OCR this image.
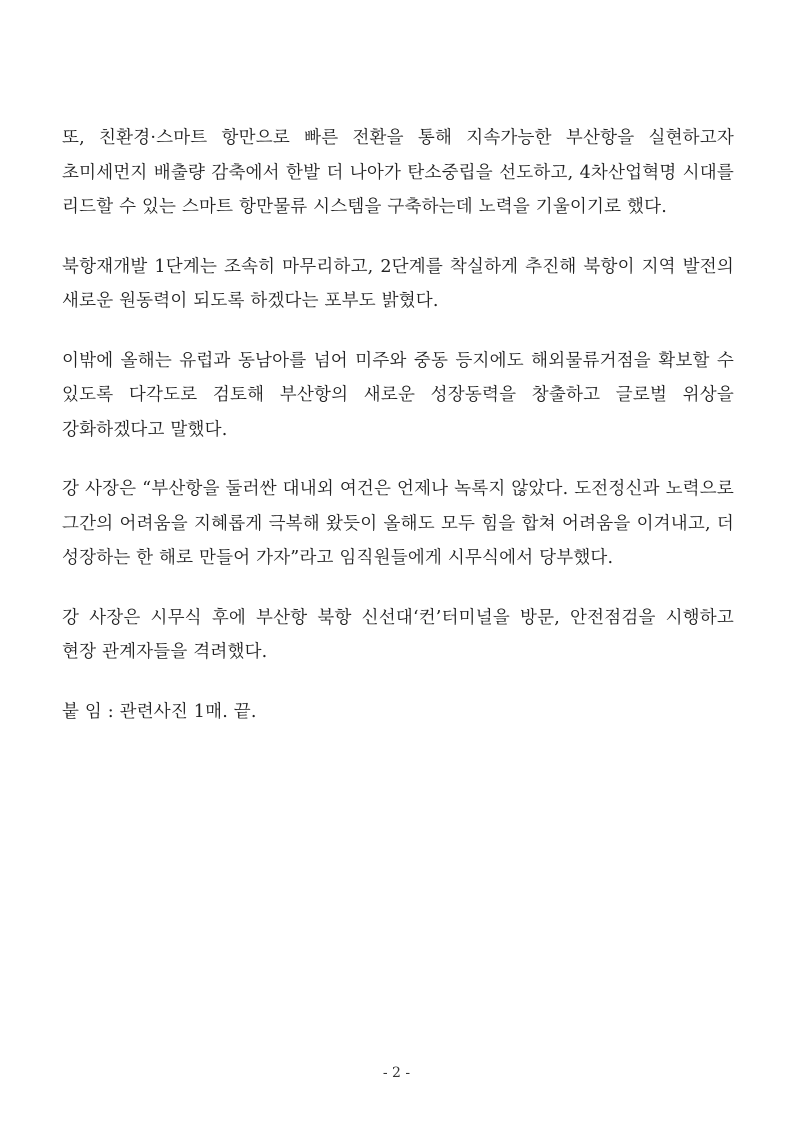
또, 친환경·스마트 항만으로 빠른 전환을 통해 지속가능한 부산항을 실현하고자 초미세먼지 배출량 감축에서 한발 더 나아가 탄소중립을 선도하고, 4차산업혁명 시대를 리드할 수 있는 스마트 항만물류 시스템을 구축하는데 노력을 기울이기로 했다.

북항재개발 1단계는 조속히 마무리하고, 2단계를 착실하게 추진해 북항이 지역 발전의 새로운 원동력이 되도록 하겠다는 포부도 밝혔다.

이밖에 올해는 유럽과 동남아를 넘어 미주와 중동 등지에도 해외물류거점을 확보할 수 있도록 다각도로 검토해 부산항의 새로운 성장동력을 창출하고 글로벌 위상을 강화하겠다고 말했다.

강 사장은 “부산항을 둘러싼 대내외 여건은 언제나 녹록지 않았다. 도전정신과 노력으로 그간의 어려움을 지혜롭게 극복해 왔듯이 올해도 모두 힘을 합쳐 어려움을 이겨내고, 더 성장하는 한 해로 만들어 가자”라고 임직원들에게 시무식에서 당부했다.

강 사장은 시무식 후에 부산항 북항 신선대‘컨’터미널을 방문, 안전점검을 시행하고 현장 관계자들을 격려했다.

붙 임 : 관련사진 1매. 끝.

- 2 -
